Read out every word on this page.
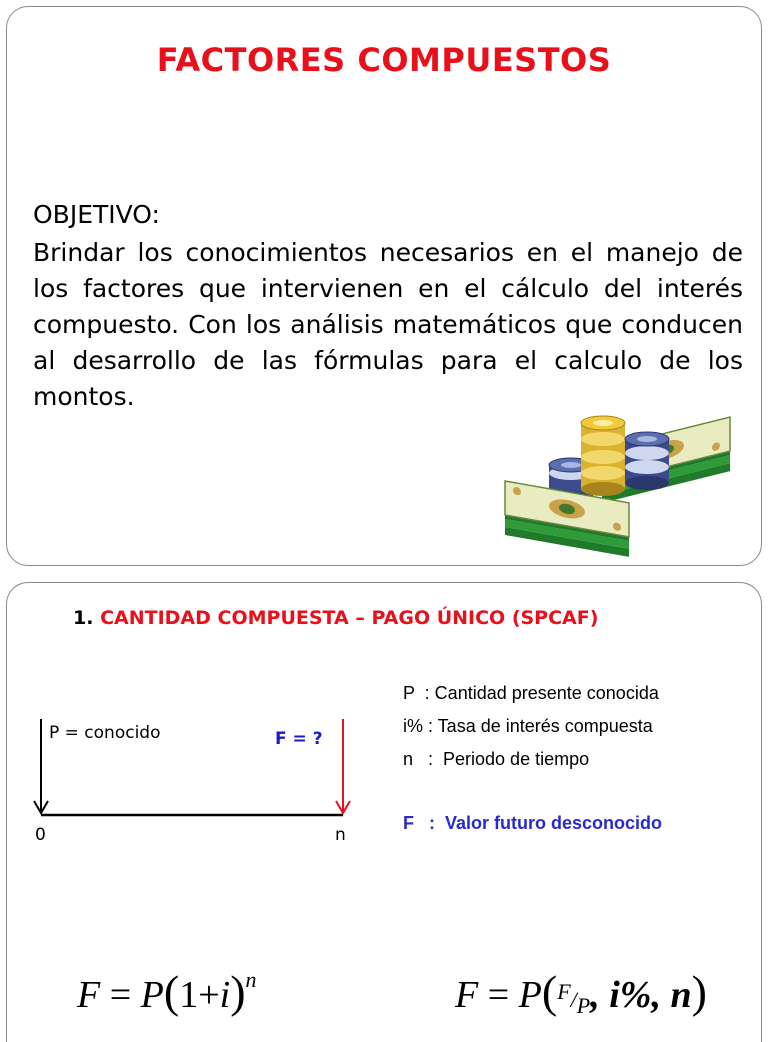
FACTORES COMPUESTOS
OBJETIVO:
Brindar los conocimientos necesarios en el manejo de los factores que intervienen en el cálculo del interés compuesto. Con los análisis matemáticos que conducen al desarrollo de las fórmulas para el calculo de los montos.
1. CANTIDAD COMPUESTA – PAGO ÚNICO (SPCAF)
P = conocido	F = ?
0	n
P  : Cantidad presente conocida
i% : Tasa de interés compuesta
n   :  Periodo de tiempo
F   :  Valor futuro desconocido
$F = P(1+i)^n$	F = P($^F$/P, i%, n)
